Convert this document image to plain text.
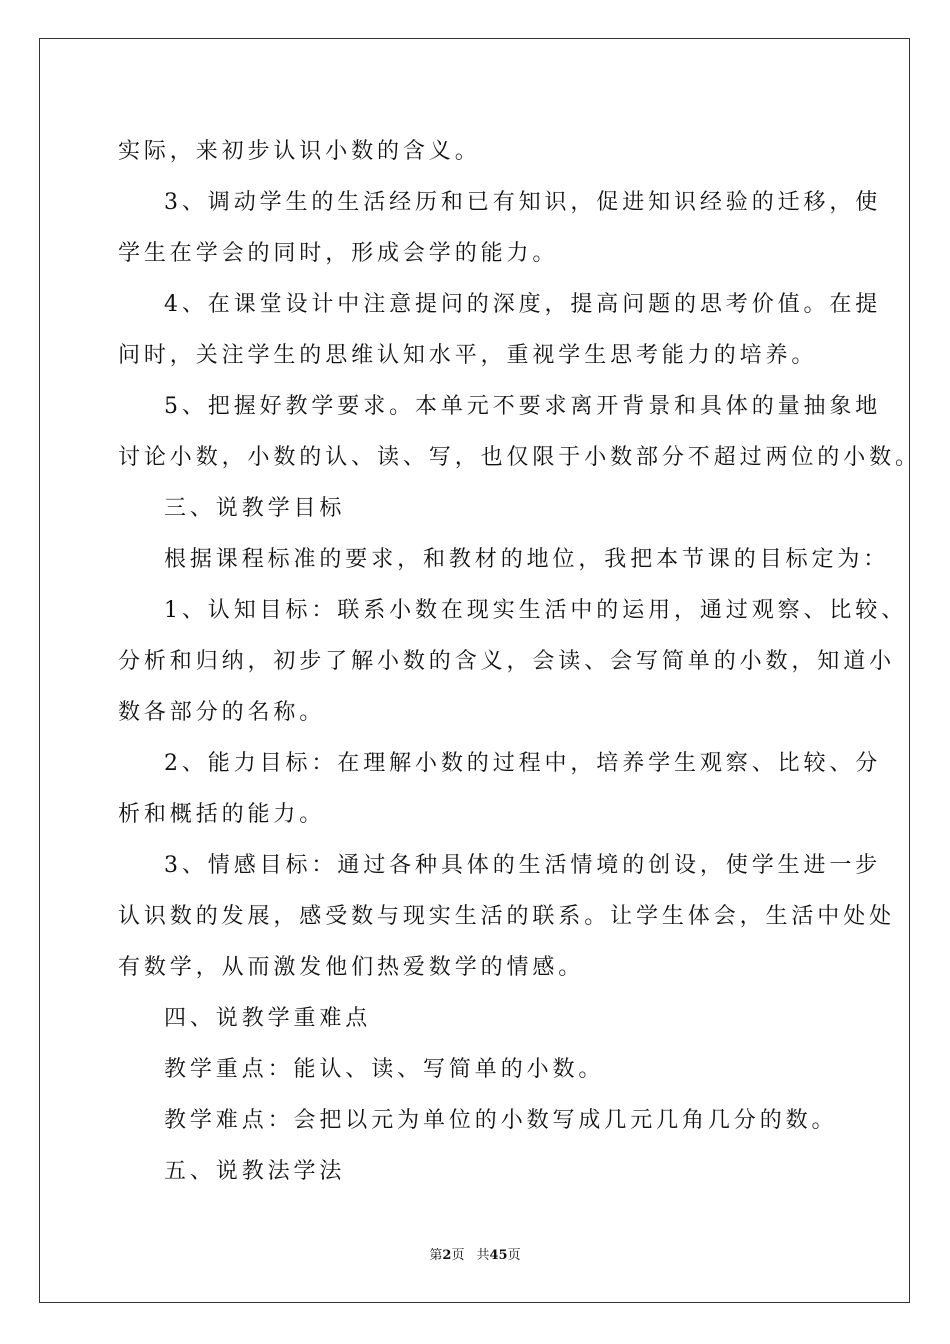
实际，来初步认识小数的含义。
3、调动学生的生活经历和已有知识，促进知识经验的迁移，使
学生在学会的同时，形成会学的能力。
4、在课堂设计中注意提问的深度，提高问题的思考价值。在提
问时，关注学生的思维认知水平，重视学生思考能力的培养。
5、把握好教学要求。本单元不要求离开背景和具体的量抽象地
讨论小数，小数的认、读、写，也仅限于小数部分不超过两位的小数。
三、说教学目标
根据课程标准的要求，和教材的地位，我把本节课的目标定为：
1、认知目标：联系小数在现实生活中的运用，通过观察、比较、
分析和归纳，初步了解小数的含义，会读、会写简单的小数，知道小
数各部分的名称。
2、能力目标：在理解小数的过程中，培养学生观察、比较、分
析和概括的能力。
3、情感目标：通过各种具体的生活情境的创设，使学生进一步
认识数的发展，感受数与现实生活的联系。让学生体会，生活中处处
有数学，从而激发他们热爱数学的情感。
四、说教学重难点
教学重点：能认、读、写简单的小数。
教学难点：会把以元为单位的小数写成几元几角几分的数。
五、说教法学法
第2页 共45页
